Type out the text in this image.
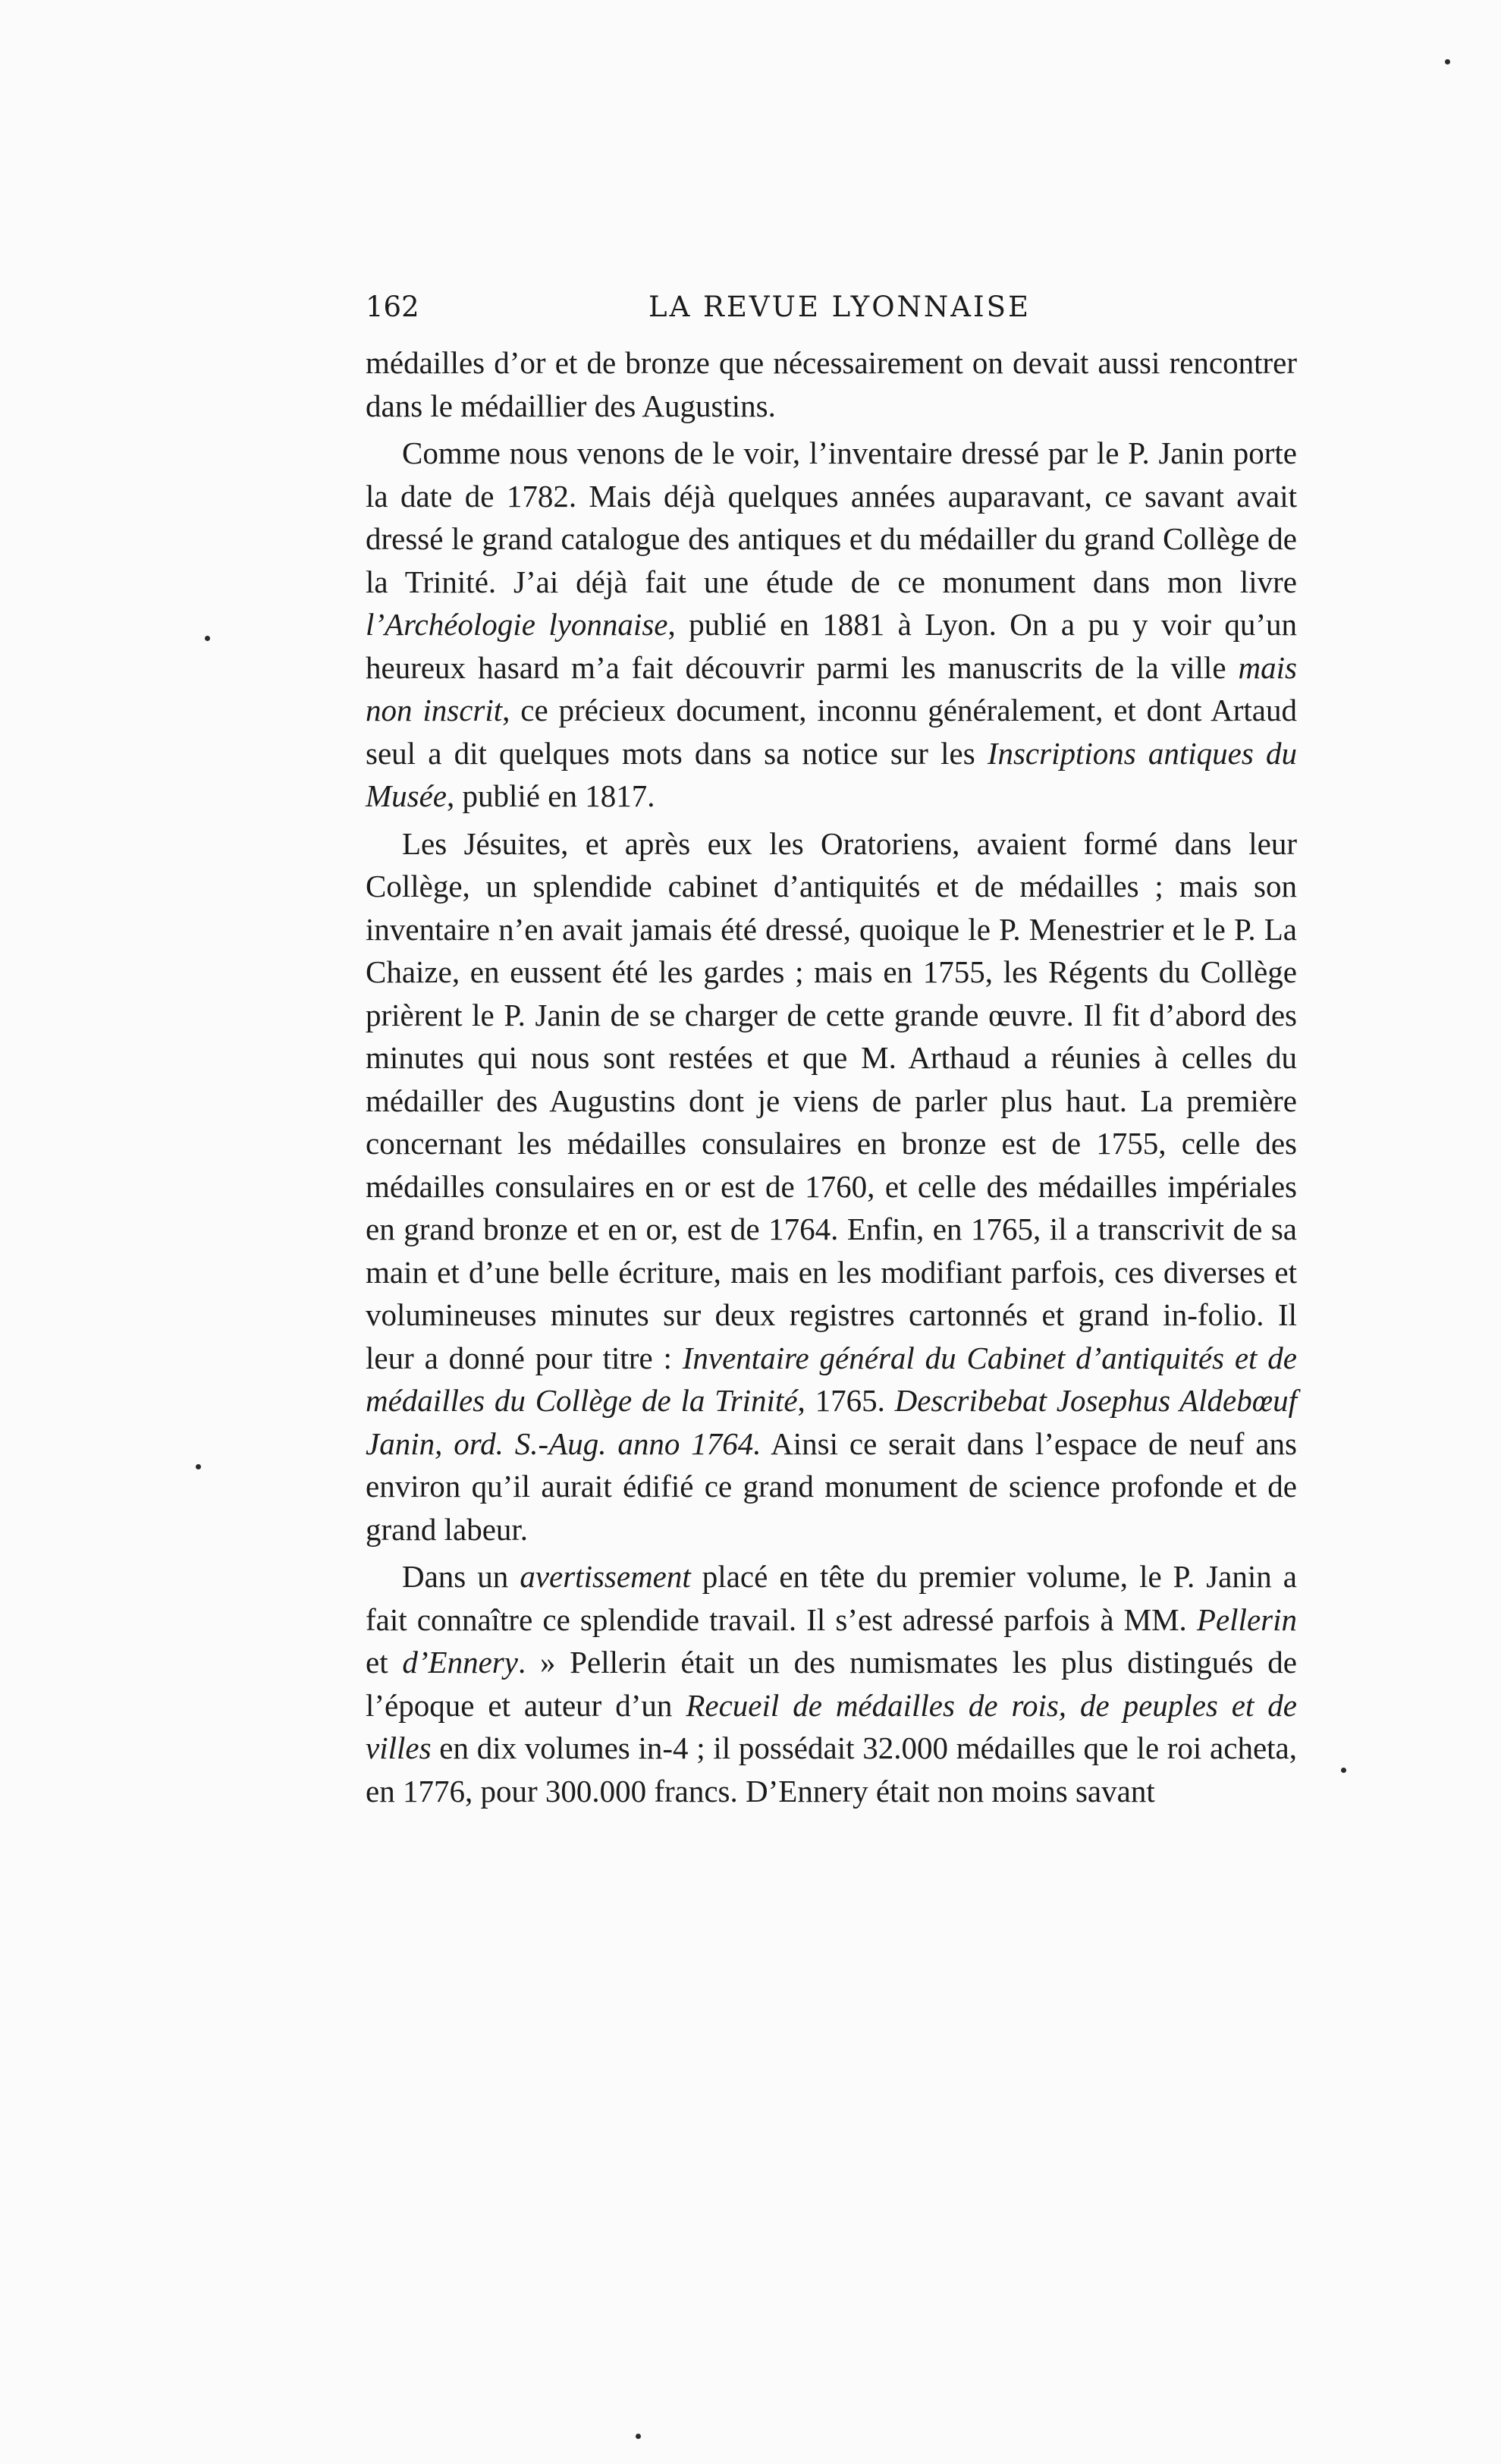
162	LA REVUE LYONNAISE

médailles d’or et de bronze que nécessairement on devait aussi rencontrer dans le médaillier des Augustins.

Comme nous venons de le voir, l’inventaire dressé par le P. Janin porte la date de 1782. Mais déjà quelques années auparavant, ce savant avait dressé le grand catalogue des antiques et du médailler du grand Collège de la Trinité. J’ai déjà fait une étude de ce monument dans mon livre l’Archéologie lyonnaise, publié en 1881 à Lyon. On a pu y voir qu’un heureux hasard m’a fait découvrir parmi les manuscrits de la ville mais non inscrit, ce précieux document, inconnu généralement, et dont Artaud seul a dit quelques mots dans sa notice sur les Inscriptions antiques du Musée, publié en 1817.

Les Jésuites, et après eux les Oratoriens, avaient formé dans leur Collège, un splendide cabinet d’antiquités et de médailles ; mais son inventaire n’en avait jamais été dressé, quoique le P. Menestrier et le P. La Chaize, en eussent été les gardes ; mais en 1755, les Régents du Collège prièrent le P. Janin de se charger de cette grande œuvre. Il fit d’abord des minutes qui nous sont restées et que M. Arthaud a réunies à celles du médailler des Augustins dont je viens de parler plus haut. La première concernant les médailles consulaires en bronze est de 1755, celle des médailles consulaires en or est de 1760, et celle des médailles impériales en grand bronze et en or, est de 1764. Enfin, en 1765, il a transcrivit de sa main et d’une belle écriture, mais en les modifiant parfois, ces diverses et volumineuses minutes sur deux registres cartonnés et grand in-folio. Il leur a donné pour titre : Inventaire général du Cabinet d’antiquités et de médailles du Collège de la Trinité, 1765. Describebat Josephus Aldebœuf Janin, ord. S.-Aug. anno 1764. Ainsi ce serait dans l’espace de neuf ans environ qu’il aurait édifié ce grand monument de science profonde et de grand labeur.

Dans un avertissement placé en tête du premier volume, le P. Janin a fait connaître ce splendide travail. Il s’est adressé parfois à MM. Pellerin et d’Ennery. » Pellerin était un des numismates les plus distingués de l’époque et auteur d’un Recueil de médailles de rois, de peuples et de villes en dix volumes in-4 ; il possédait 32.000 médailles que le roi acheta, en 1776, pour 300.000 francs. D’Ennery était non moins savant
